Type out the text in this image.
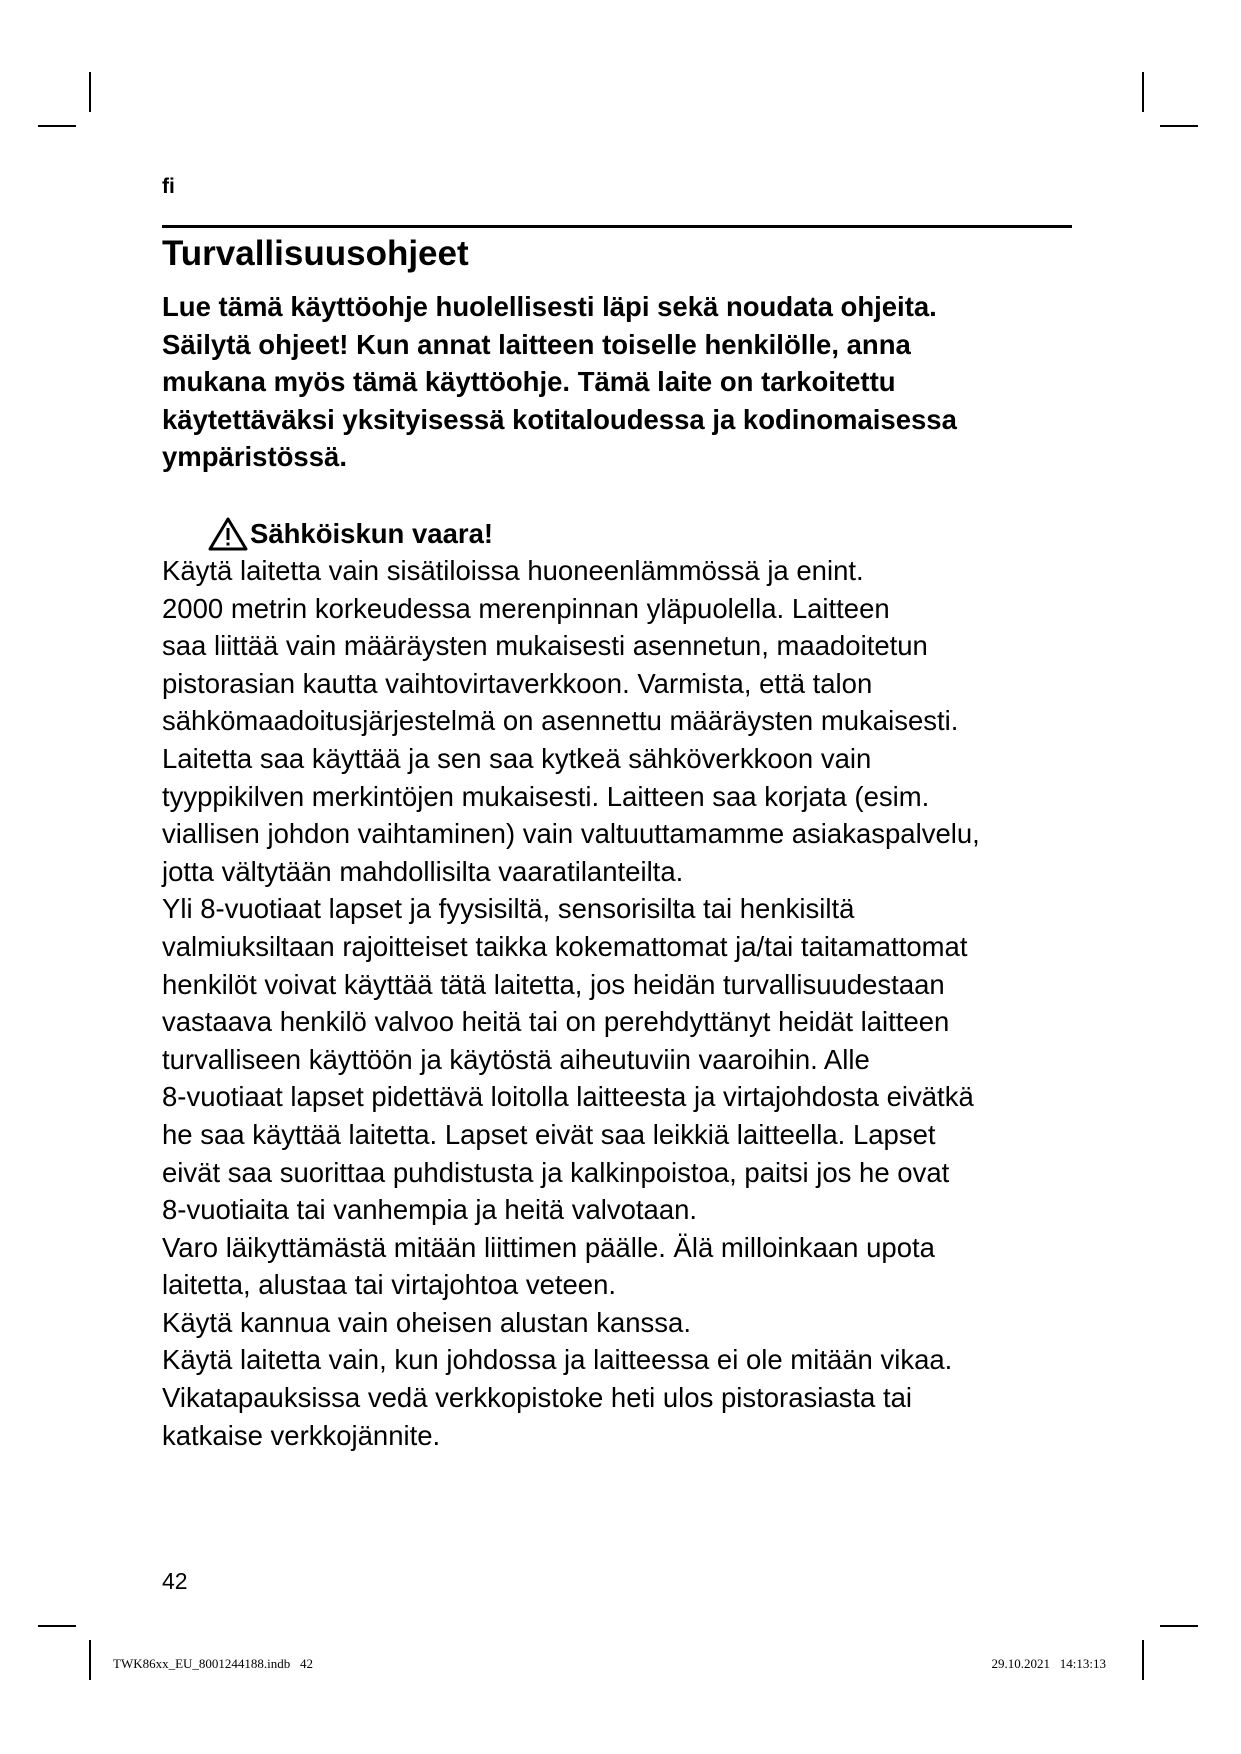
fi
Turvallisuusohjeet
Lue tämä käyttöohje huolellisesti läpi sekä noudata ohjeita.
Säilytä ohjeet! Kun annat laitteen toiselle henkilölle, anna
mukana myös tämä käyttöohje. Tämä laite on tarkoitettu
käytettäväksi yksityisessä kotitaloudessa ja kodinomaisessa
ympäristössä.
Sähköiskun vaara!
Käytä laitetta vain sisätiloissa huoneenlämmössä ja enint.
2000 metrin korkeudessa merenpinnan yläpuolella. Laitteen
saa liittää vain määräysten mukaisesti asennetun, maadoitetun
pistorasian kautta vaihtovirtaverkkoon. Varmista, että talon
sähkömaadoitusjärjestelmä on asennettu määräysten mukaisesti.
Laitetta saa käyttää ja sen saa kytkeä sähköverkkoon vain
tyyppikilven merkintöjen mukaisesti. Laitteen saa korjata (esim.
viallisen johdon vaihtaminen) vain valtuuttamamme asiakaspalvelu,
jotta vältytään mahdollisilta vaaratilanteilta.
Yli 8-vuotiaat lapset ja fyysisiltä, sensorisilta tai henkisiltä
valmiuksiltaan rajoitteiset taikka kokemattomat ja/tai taitamattomat
henkilöt voivat käyttää tätä laitetta, jos heidän turvallisuudestaan
vastaava henkilö valvoo heitä tai on perehdyttänyt heidät laitteen
turvalliseen käyttöön ja käytöstä aiheutuviin vaaroihin. Alle
8-vuotiaat lapset pidettävä loitolla laitteesta ja virtajohdosta eivätkä
he saa käyttää laitetta. Lapset eivät saa leikkiä laitteella. Lapset
eivät saa suorittaa puhdistusta ja kalkinpoistoa, paitsi jos he ovat
8-vuotiaita tai vanhempia ja heitä valvotaan.
Varo läikyttämästä mitään liittimen päälle. Älä milloinkaan upota
laitetta, alustaa tai virtajohtoa veteen.
Käytä kannua vain oheisen alustan kanssa.
Käytä laitetta vain, kun johdossa ja laitteessa ei ole mitään vikaa.
Vikatapauksissa vedä verkkopistoke heti ulos pistorasiasta tai
katkaise verkkojännite.
42
TWK86xx_EU_8001244188.indb   42	29.10.2021   14:13:13
